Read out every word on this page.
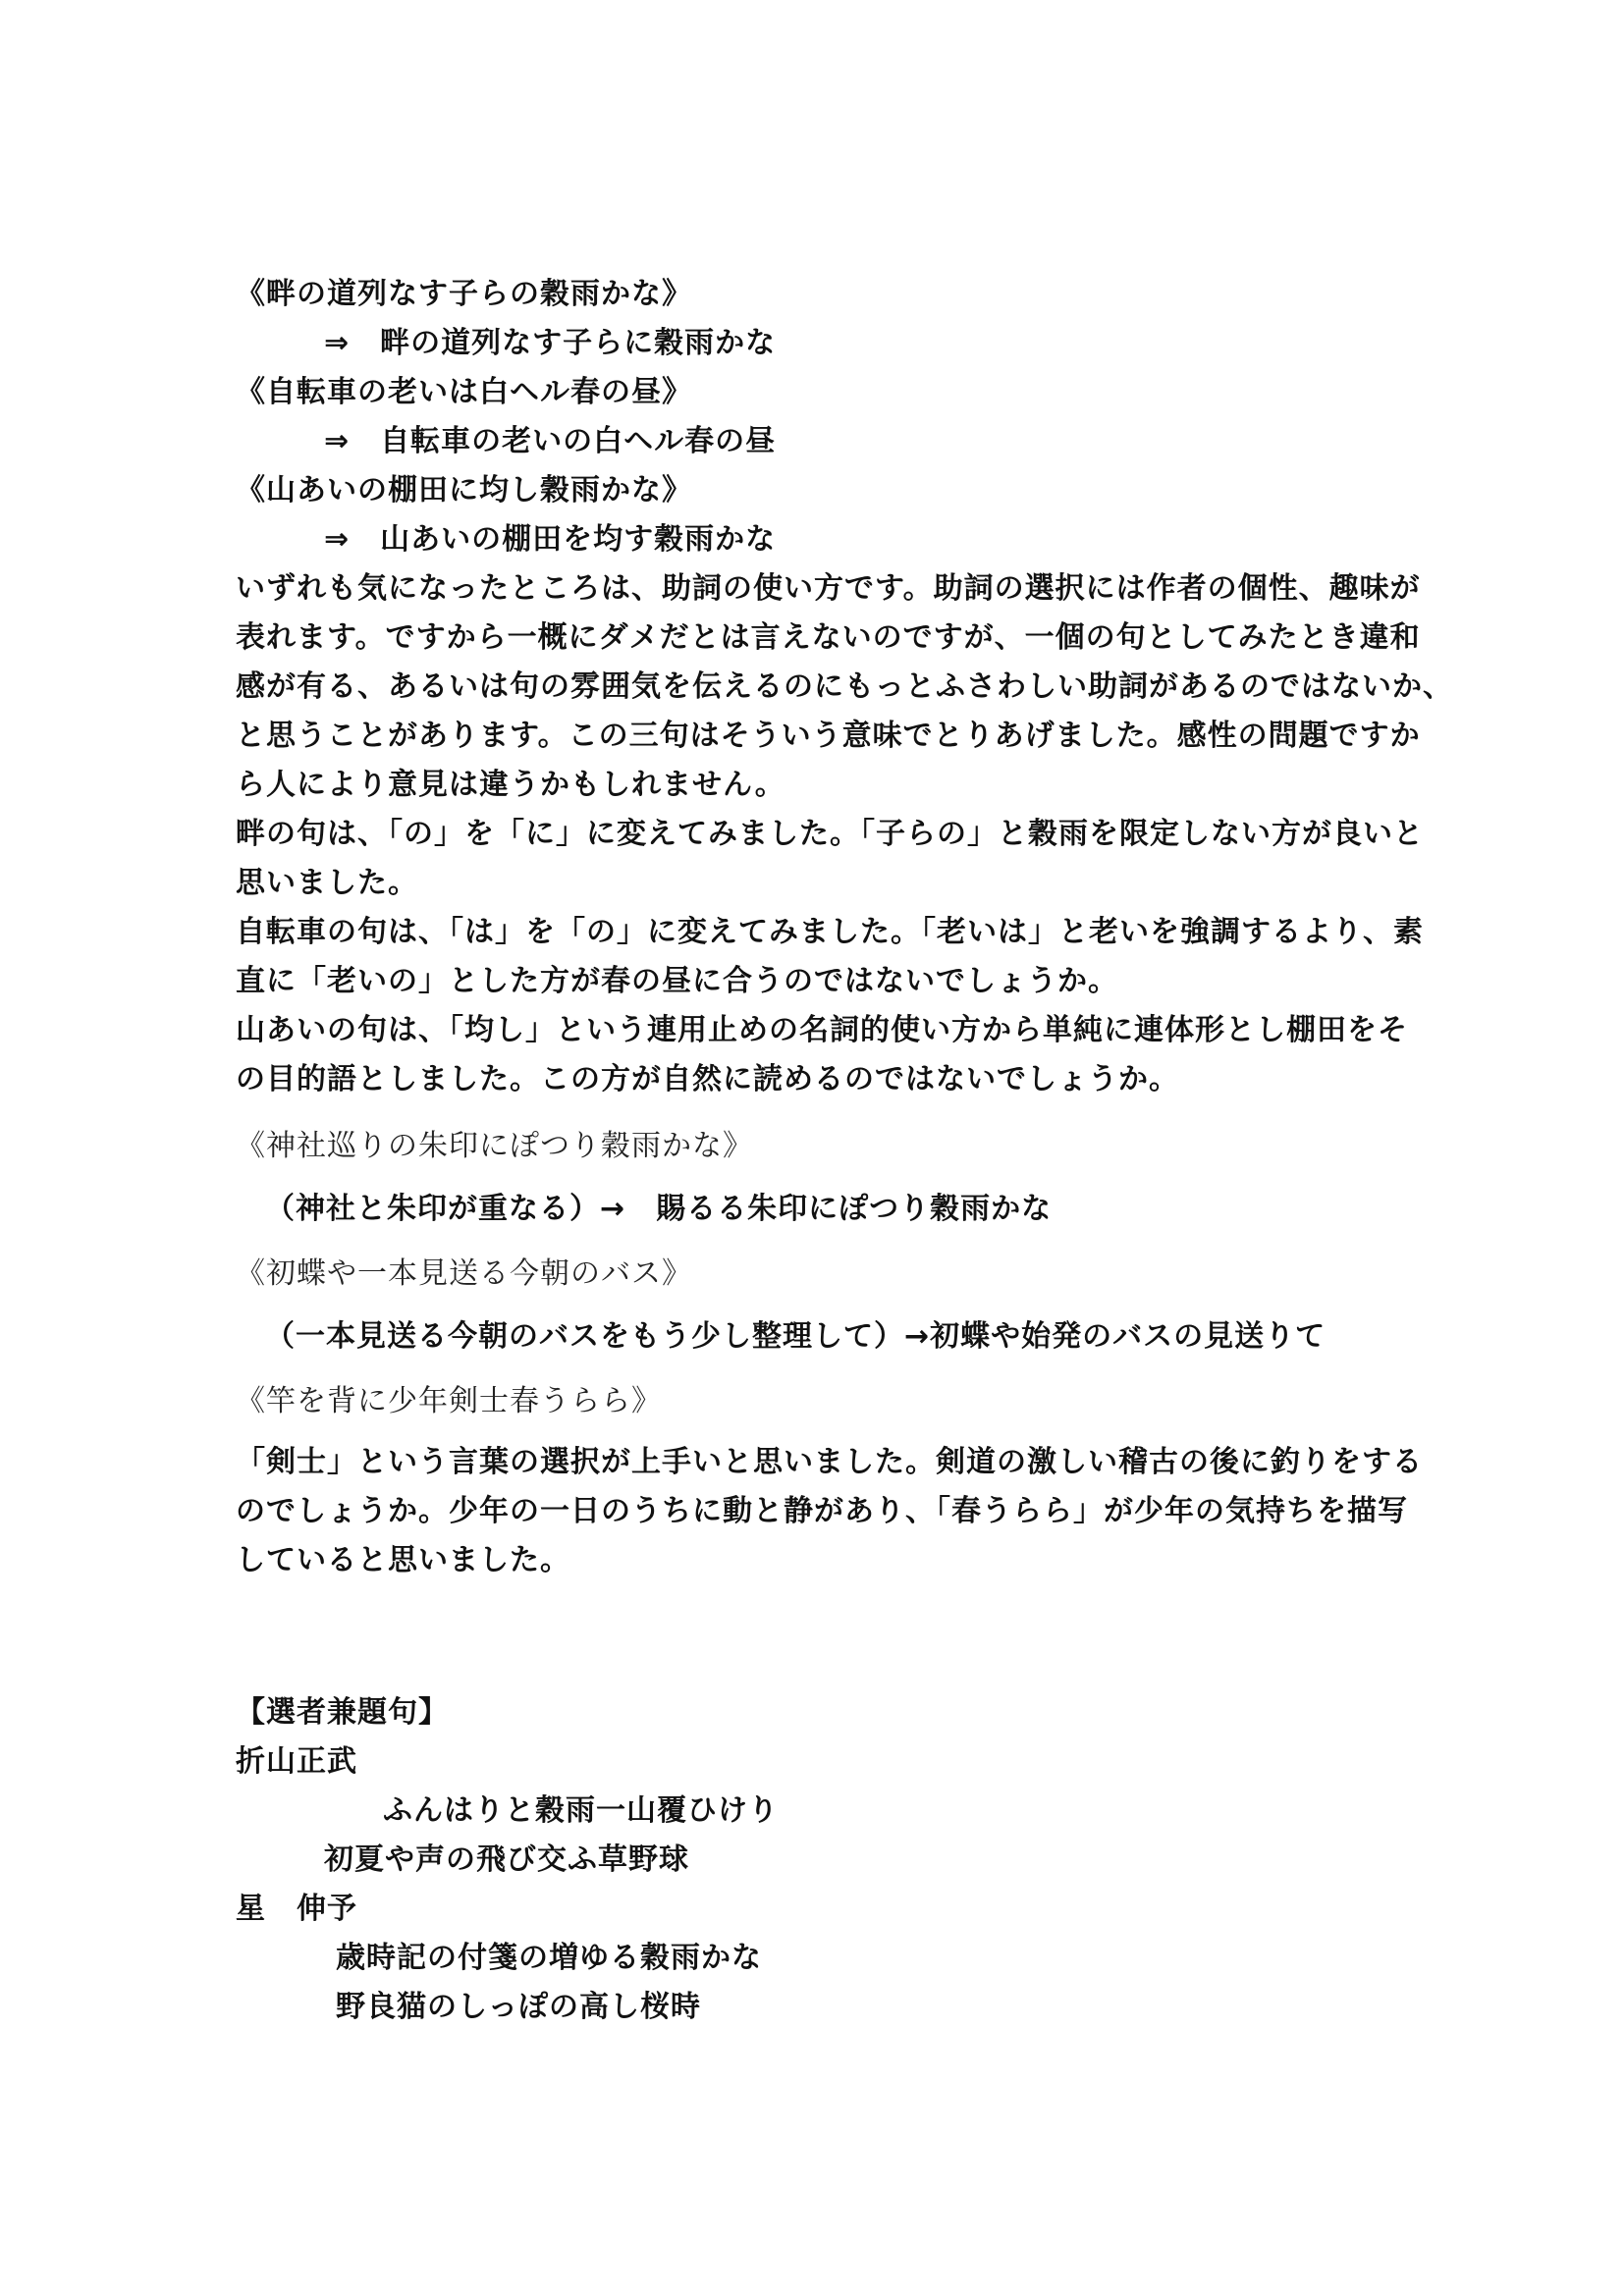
《畔の道列なす子らの穀雨かな》
⇒　畔の道列なす子らに穀雨かな
《自転車の老いは白ヘル春の昼》
⇒　自転車の老いの白ヘル春の昼
《山あいの棚田に均し穀雨かな》
⇒　山あいの棚田を均す穀雨かな
いずれも気になったところは、助詞の使い方です。助詞の選択には作者の個性、趣味が
表れます。ですから一概にダメだとは言えないのですが、一個の句としてみたとき違和
感が有る、あるいは句の雰囲気を伝えるのにもっとふさわしい助詞があるのではないか、
と思うことがあります。この三句はそういう意味でとりあげました。感性の問題ですか
ら人により意見は違うかもしれません。
畔の句は、「の」を「に」に変えてみました。「子らの」と穀雨を限定しない方が良いと
思いました。
自転車の句は、「は」を「の」に変えてみました。「老いは」と老いを強調するより、素
直に「老いの」とした方が春の昼に合うのではないでしょうか。
山あいの句は、「均し」という連用止めの名詞的使い方から単純に連体形とし棚田をそ
の目的語としました。この方が自然に読めるのではないでしょうか。
《神社巡りの朱印にぽつり穀雨かな》
（神社と朱印が重なる）→　賜るる朱印にぽつり穀雨かな
《初蝶や一本見送る今朝のバス》
（一本見送る今朝のバスをもう少し整理して）→初蝶や始発のバスの見送りて
《竿を背に少年剣士春うらら》
「剣士」という言葉の選択が上手いと思いました。剣道の激しい稽古の後に釣りをする
のでしょうか。少年の一日のうちに動と静があり、「春うらら」が少年の気持ちを描写
していると思いました。
【選者兼題句】
折山正武
ふんはりと穀雨一山覆ひけり
初夏や声の飛び交ふ草野球
星　伸予
歳時記の付箋の増ゆる穀雨かな
野良猫のしっぽの高し桜時
